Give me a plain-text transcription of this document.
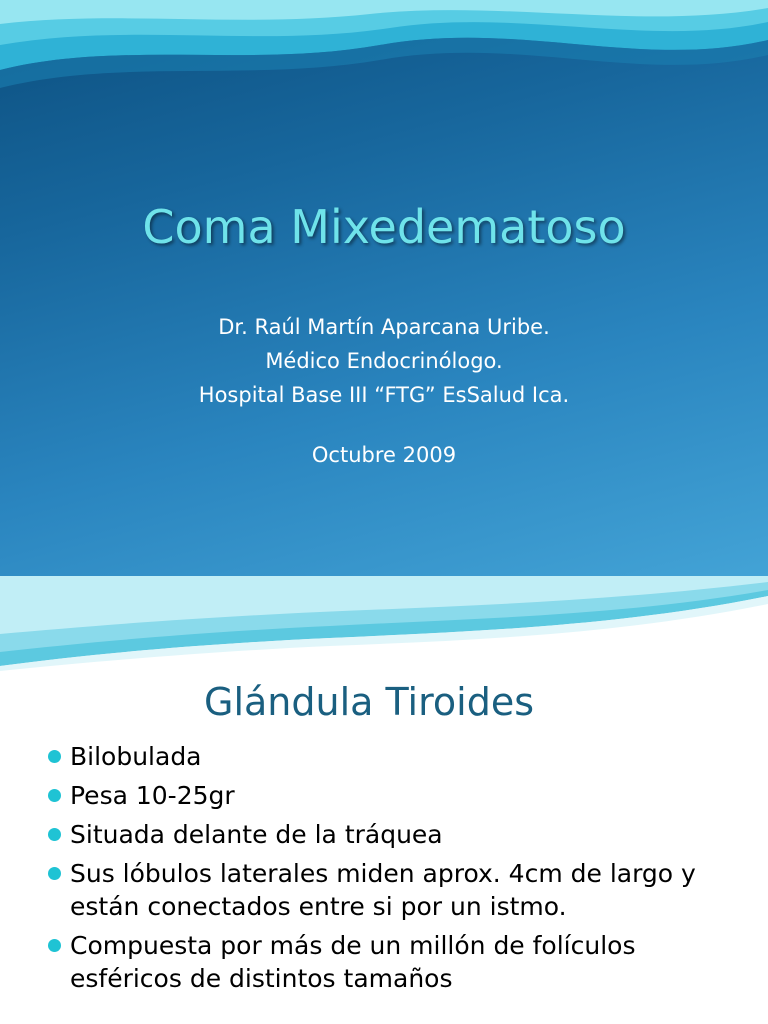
Coma Mixedematoso
Dr. Raúl Martín Aparcana Uribe.
Médico Endocrinólogo.
Hospital Base III “FTG” EsSalud Ica.
Octubre 2009
Glándula Tiroides
Bilobulada
Pesa 10-25gr
Situada delante de la tráquea
Sus lóbulos laterales miden aprox. 4cm de largo y están conectados entre si por un istmo.
Compuesta por más de un millón de folículos esféricos de distintos tamaños
